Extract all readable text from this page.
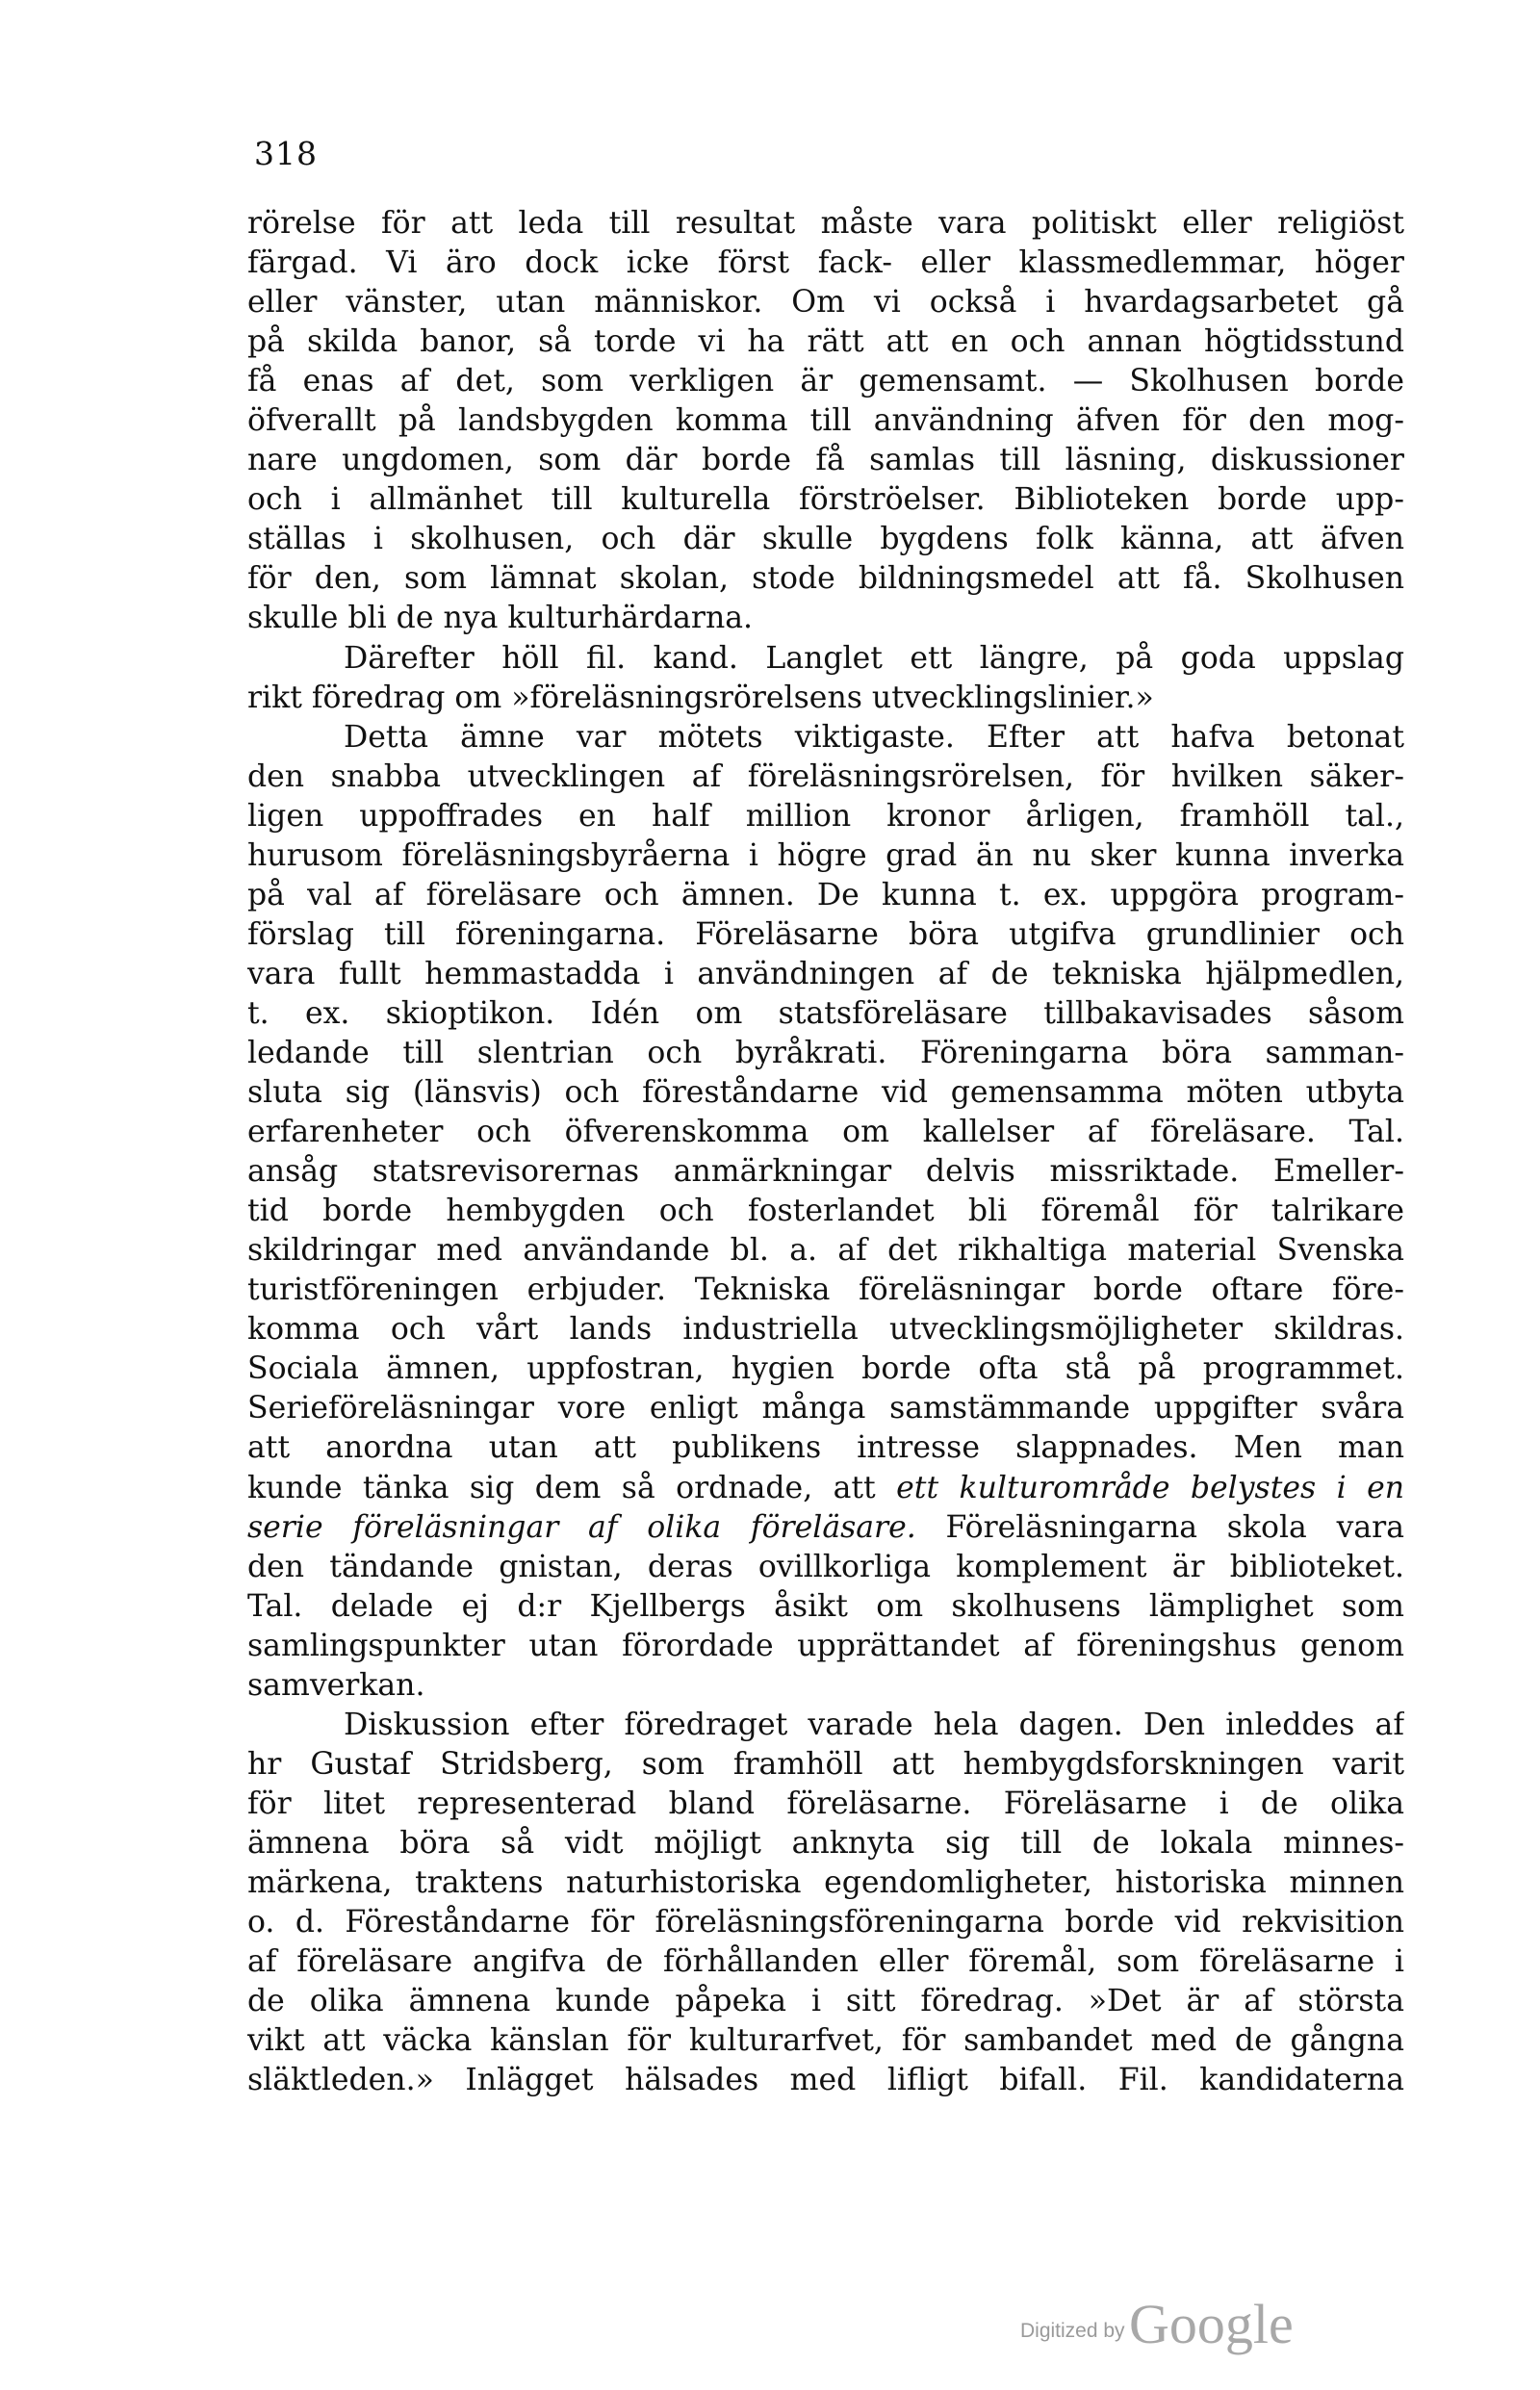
318
rörelse för att leda till resultat måste vara politiskt eller religiöst
färgad. Vi äro dock icke först fack- eller klassmedlemmar, höger
eller vänster, utan människor. Om vi också i hvardagsarbetet gå
på skilda banor, så torde vi ha rätt att en och annan högtidsstund
få enas af det, som verkligen är gemensamt. — Skolhusen borde
öfverallt på landsbygden komma till användning äfven för den mog-
nare ungdomen, som där borde få samlas till läsning, diskussioner
och i allmänhet till kulturella förströelser. Biblioteken borde upp-
ställas i skolhusen, och där skulle bygdens folk känna, att äfven
för den, som lämnat skolan, stode bildningsmedel att få. Skolhusen
skulle bli de nya kulturhärdarna.
Därefter höll fil. kand. Langlet ett längre, på goda uppslag
rikt föredrag om »föreläsningsrörelsens utvecklingslinier.»
Detta ämne var mötets viktigaste. Efter att hafva betonat
den snabba utvecklingen af föreläsningsrörelsen, för hvilken säker-
ligen uppoffrades en half million kronor årligen, framhöll tal.,
hurusom föreläsningsbyråerna i högre grad än nu sker kunna inverka
på val af föreläsare och ämnen. De kunna t. ex. uppgöra program-
förslag till föreningarna. Föreläsarne böra utgifva grundlinier och
vara fullt hemmastadda i användningen af de tekniska hjälpmedlen,
t. ex. skioptikon. Idén om statsföreläsare tillbakavisades såsom
ledande till slentrian och byråkrati. Föreningarna böra samman-
sluta sig (länsvis) och föreståndarne vid gemensamma möten utbyta
erfarenheter och öfverenskomma om kallelser af föreläsare. Tal.
ansåg statsrevisorernas anmärkningar delvis missriktade. Emeller-
tid borde hembygden och fosterlandet bli föremål för talrikare
skildringar med användande bl. a. af det rikhaltiga material Svenska
turistföreningen erbjuder. Tekniska föreläsningar borde oftare före-
komma och vårt lands industriella utvecklingsmöjligheter skildras.
Sociala ämnen, uppfostran, hygien borde ofta stå på programmet.
Serieföreläsningar vore enligt många samstämmande uppgifter svåra
att anordna utan att publikens intresse slappnades. Men man
kunde tänka sig dem så ordnade, att ett kulturområde belystes i en
serie föreläsningar af olika föreläsare. Föreläsningarna skola vara
den tändande gnistan, deras ovillkorliga komplement är biblioteket.
Tal. delade ej d:r Kjellbergs åsikt om skolhusens lämplighet som
samlingspunkter utan förordade upprättandet af föreningshus genom
samverkan.
Diskussion efter föredraget varade hela dagen. Den inleddes af
hr Gustaf Stridsberg, som framhöll att hembygdsforskningen varit
för litet representerad bland föreläsarne. Föreläsarne i de olika
ämnena böra så vidt möjligt anknyta sig till de lokala minnes-
märkena, traktens naturhistoriska egendomligheter, historiska minnen
o. d. Föreståndarne för föreläsningsföreningarna borde vid rekvisition
af föreläsare angifva de förhållanden eller föremål, som föreläsarne i
de olika ämnena kunde påpeka i sitt föredrag. »Det är af största
vikt att väcka känslan för kulturarfvet, för sambandet med de gångna
släktleden.» Inlägget hälsades med lifligt bifall. Fil. kandidaterna
Digitized by Google
